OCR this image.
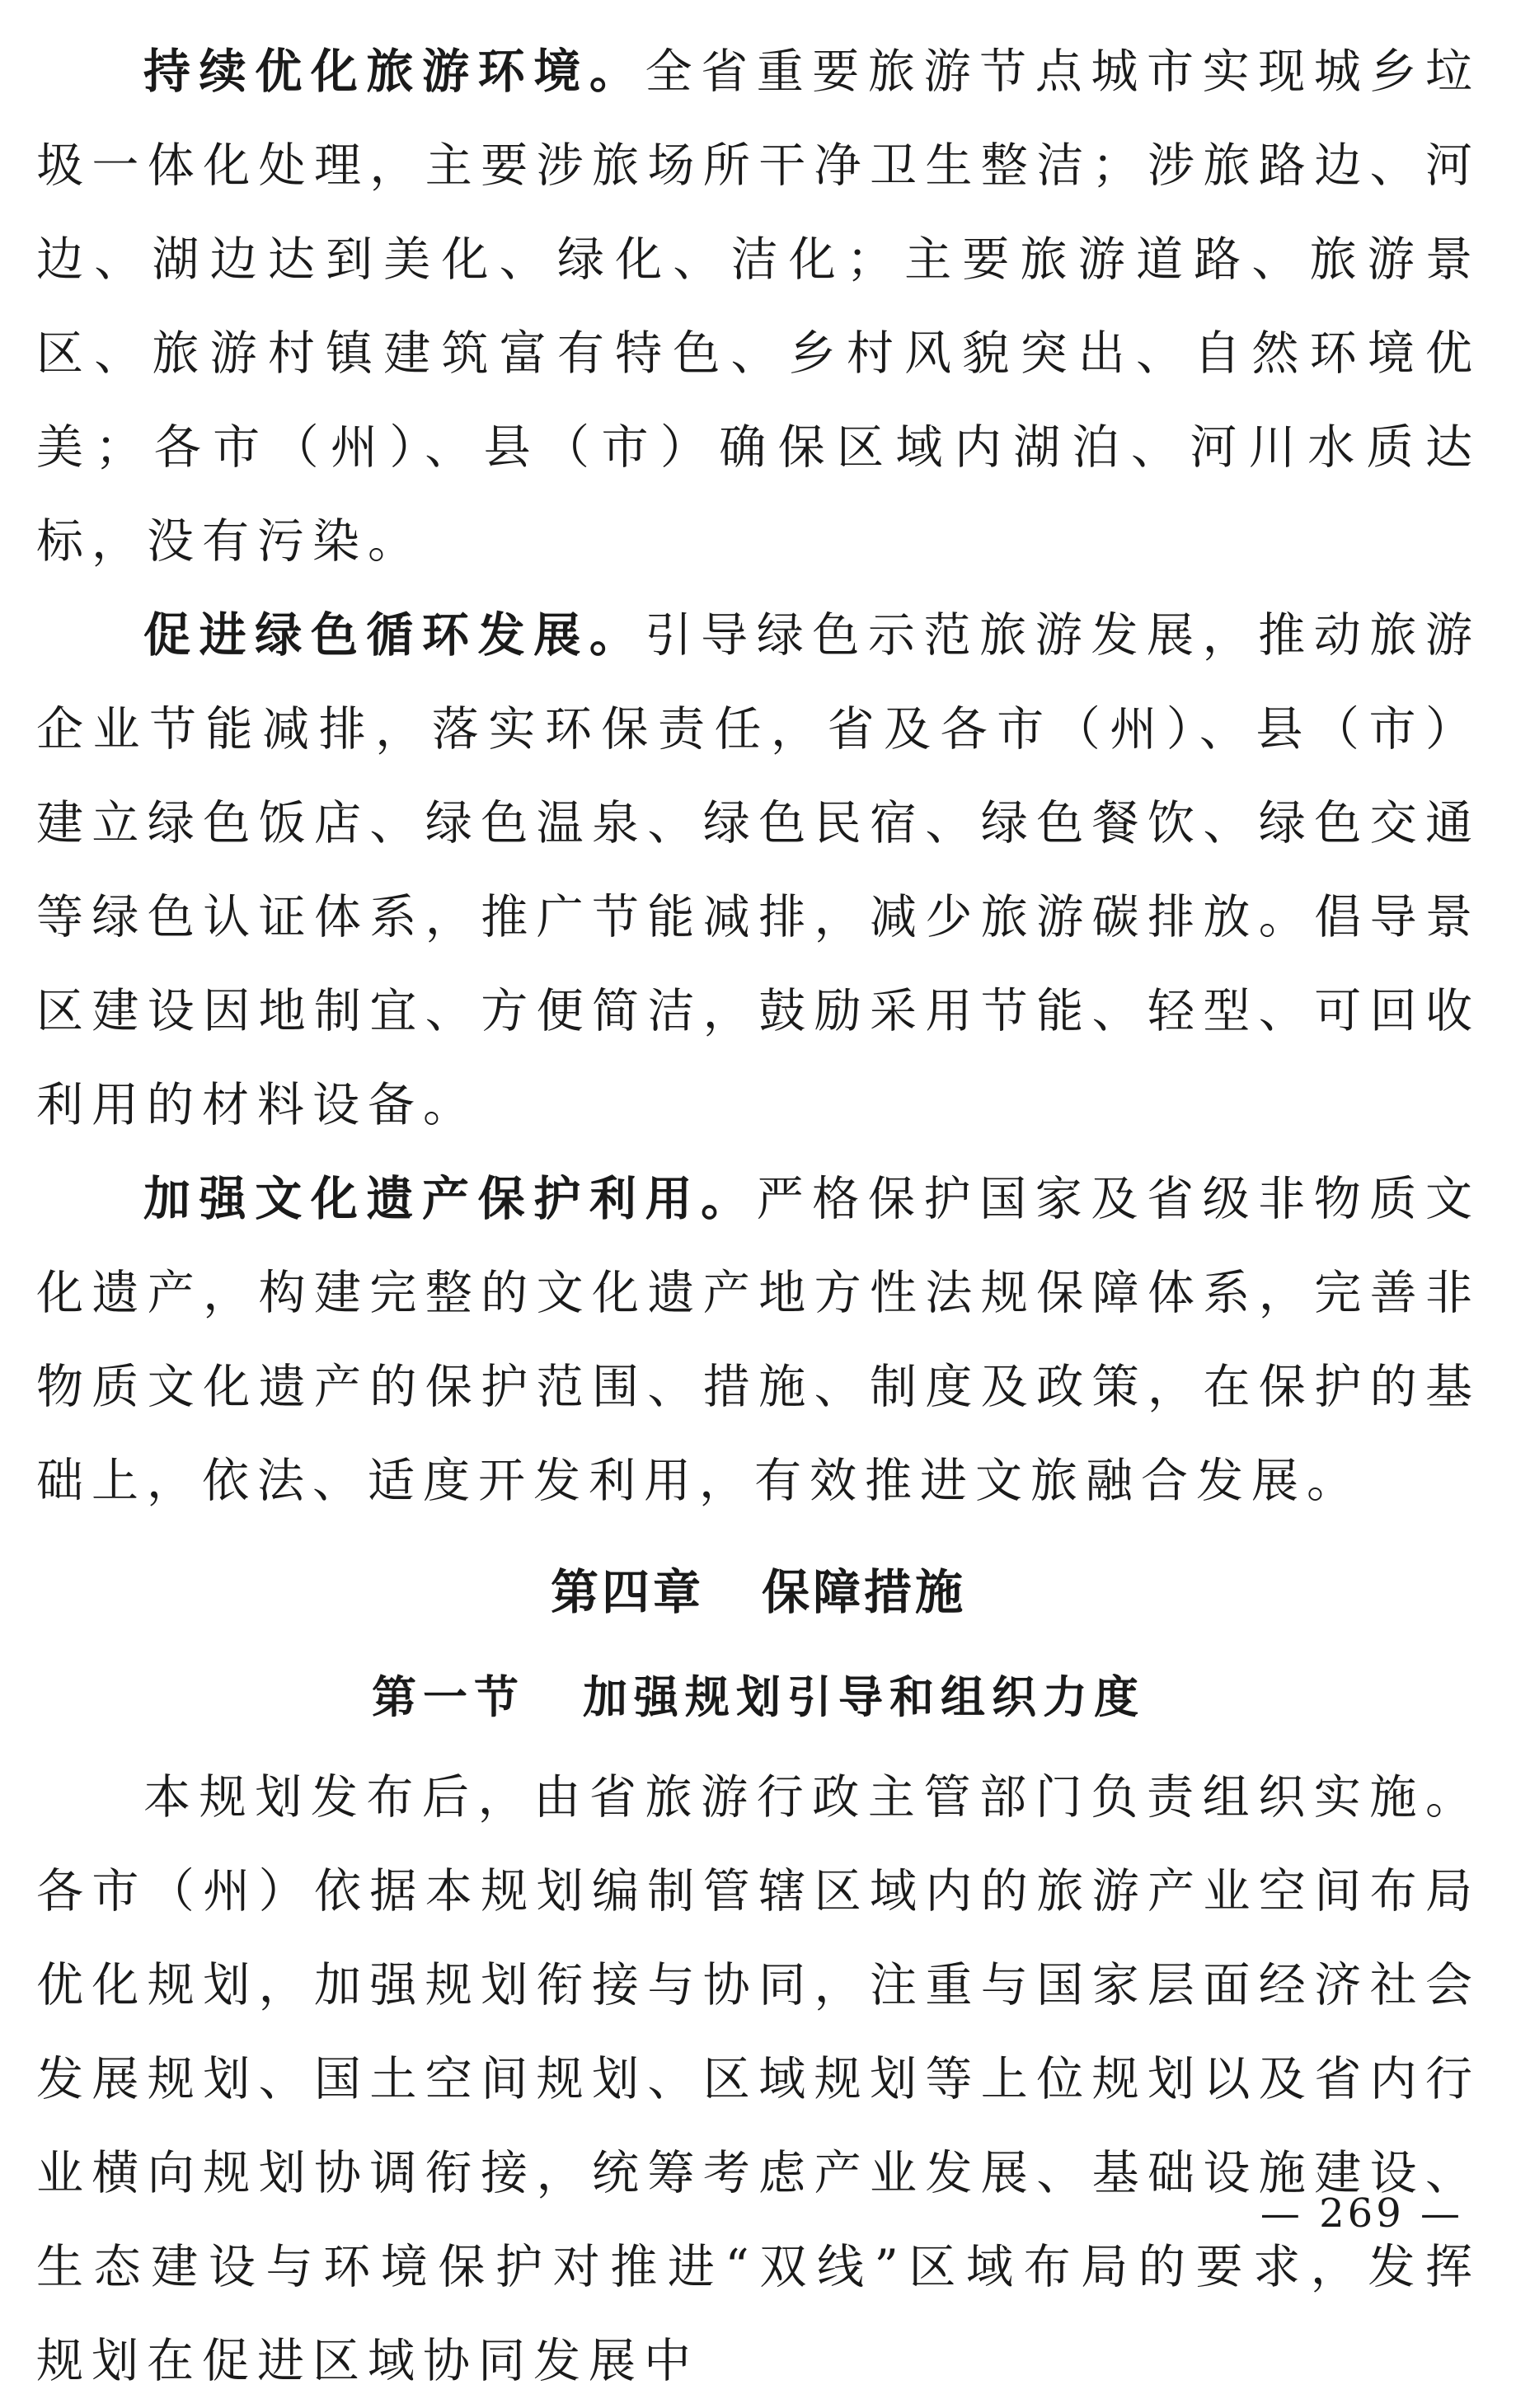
持续优化旅游环境。全省重要旅游节点城市实现城乡垃圾一体化处理，主要涉旅场所干净卫生整洁；涉旅路边、河边、湖边达到美化、绿化、洁化；主要旅游道路、旅游景区、旅游村镇建筑富有特色、乡村风貌突出、自然环境优美；各市（州）、县（市）确保区域内湖泊、河川水质达标，没有污染。

促进绿色循环发展。引导绿色示范旅游发展，推动旅游企业节能减排，落实环保责任，省及各市（州）、县（市）建立绿色饭店、绿色温泉、绿色民宿、绿色餐饮、绿色交通等绿色认证体系，推广节能减排，减少旅游碳排放。倡导景区建设因地制宜、方便简洁，鼓励采用节能、轻型、可回收利用的材料设备。

加强文化遗产保护利用。严格保护国家及省级非物质文化遗产，构建完整的文化遗产地方性法规保障体系，完善非物质文化遗产的保护范围、措施、制度及政策，在保护的基础上，依法、适度开发利用，有效推进文旅融合发展。

第四章 保障措施
第一节 加强规划引导和组织力度

本规划发布后，由省旅游行政主管部门负责组织实施。各市（州）依据本规划编制管辖区域内的旅游产业空间布局优化规划，加强规划衔接与协同，注重与国家层面经济社会发展规划、国土空间规划、区域规划等上位规划以及省内行业横向规划协调衔接，统筹考虑产业发展、基础设施建设、生态建设与环境保护对推进“双线”区域布局的要求，发挥规划在促进区域协同发展中

— 269 —
